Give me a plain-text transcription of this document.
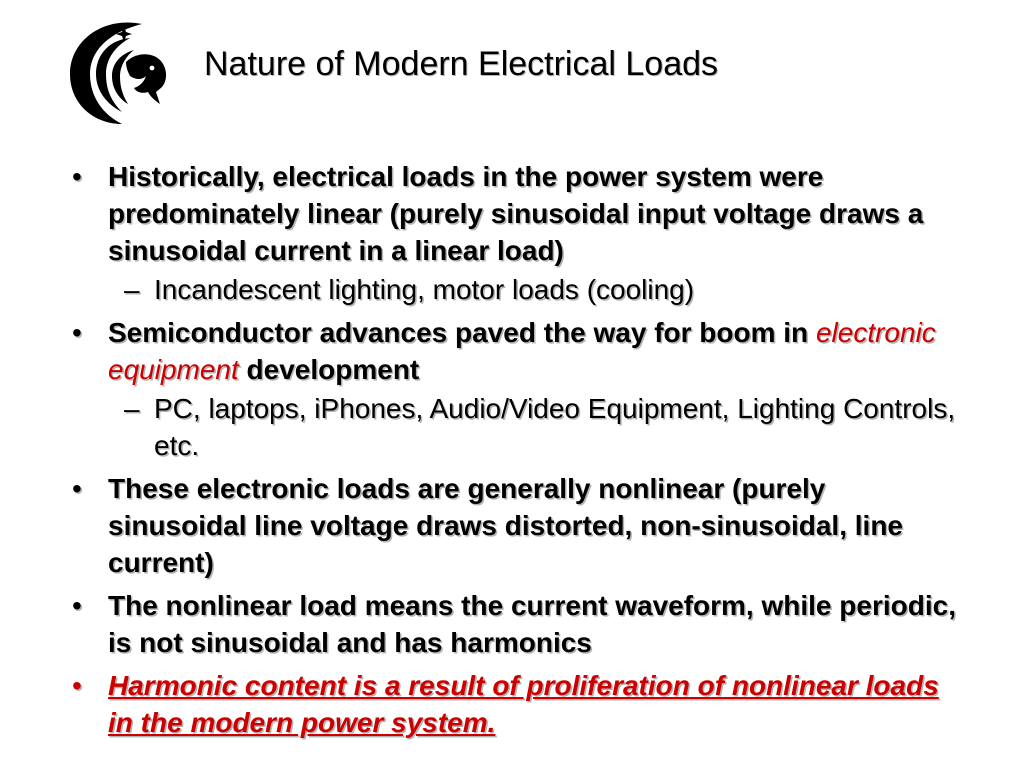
Nature of Modern Electrical Loads
• Historically, electrical loads in the power system were predominately linear (purely sinusoidal input voltage draws a sinusoidal current in a linear load)
– Incandescent lighting, motor loads (cooling)
• Semiconductor advances paved the way for boom in electronic equipment development
– PC, laptops, iPhones, Audio/Video Equipment, Lighting Controls, etc.
• These electronic loads are generally nonlinear (purely sinusoidal line voltage draws distorted, non-sinusoidal, line current)
• The nonlinear load means the current waveform, while periodic, is not sinusoidal and has harmonics
• Harmonic content is a result of proliferation of nonlinear loads in the modern power system.
